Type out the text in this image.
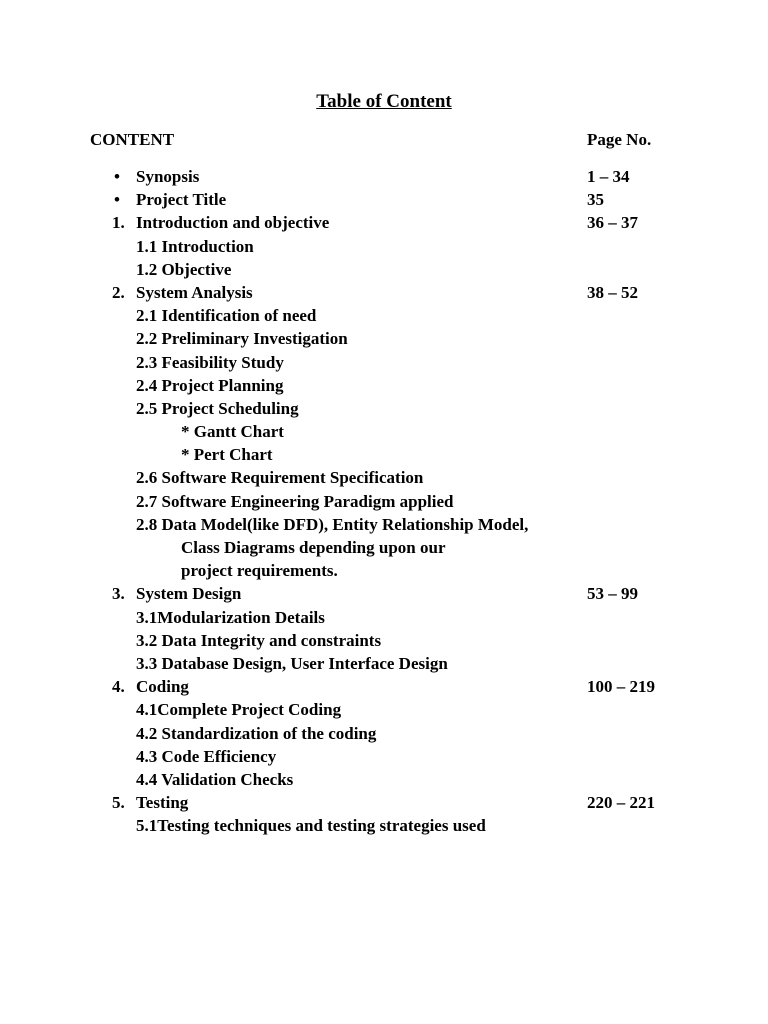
Table of Content
CONTENT	Page No.
• Synopsis	1 – 34
• Project Title	35
1. Introduction and objective	36 – 37
1.1 Introduction
1.2 Objective
2. System Analysis	38 – 52
2.1 Identification of need
2.2 Preliminary Investigation
2.3 Feasibility Study
2.4 Project Planning
2.5 Project Scheduling
* Gantt Chart
* Pert Chart
2.6 Software Requirement Specification
2.7 Software Engineering Paradigm applied
2.8 Data Model(like DFD), Entity Relationship Model,
Class Diagrams depending upon our
project requirements.
3. System Design	53 – 99
3.1Modularization Details
3.2 Data Integrity and constraints
3.3 Database Design, User Interface Design
4. Coding	100 – 219
4.1Complete Project Coding
4.2 Standardization of the coding
4.3 Code Efficiency
4.4 Validation Checks
5. Testing	220 – 221
5.1Testing techniques and testing strategies used
